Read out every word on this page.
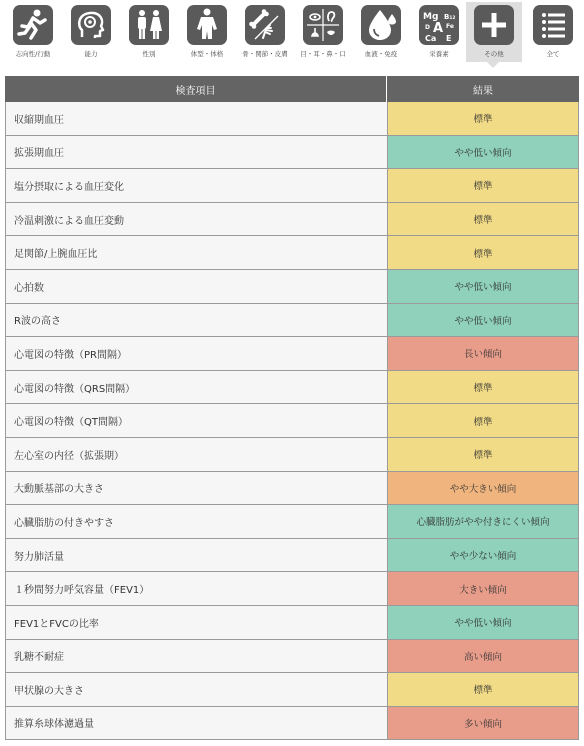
志向性/行動	能力	性別	体型・体格	骨・関節・皮膚	目・耳・鼻・口	血液・免疫
Mg B₁₂
A
D	Fe
Ca E
栄養素	その他	全て
検査項目	結果
収縮期血圧	標準
拡張期血圧	やや低い傾向
塩分摂取による血圧変化	標準
冷温刺激による血圧変動	標準
足関節/上腕血圧比	標準
心拍数	やや低い傾向
R波の高さ	やや低い傾向
心電図の特徴（PR間隔）	長い傾向
心電図の特徴（QRS間隔）	標準
心電図の特徴（QT間隔）	標準
左心室の内径（拡張期）	標準
大動脈基部の大きさ	やや大きい傾向
心臓脂肪の付きやすさ	心臓脂肪がやや付きにくい傾向
努力肺活量	やや少ない傾向
１秒間努力呼気容量（FEV1）	大きい傾向
FEV1とFVCの比率	やや低い傾向
乳糖不耐症	高い傾向
甲状腺の大きさ	標準
推算糸球体濾過量	多い傾向
